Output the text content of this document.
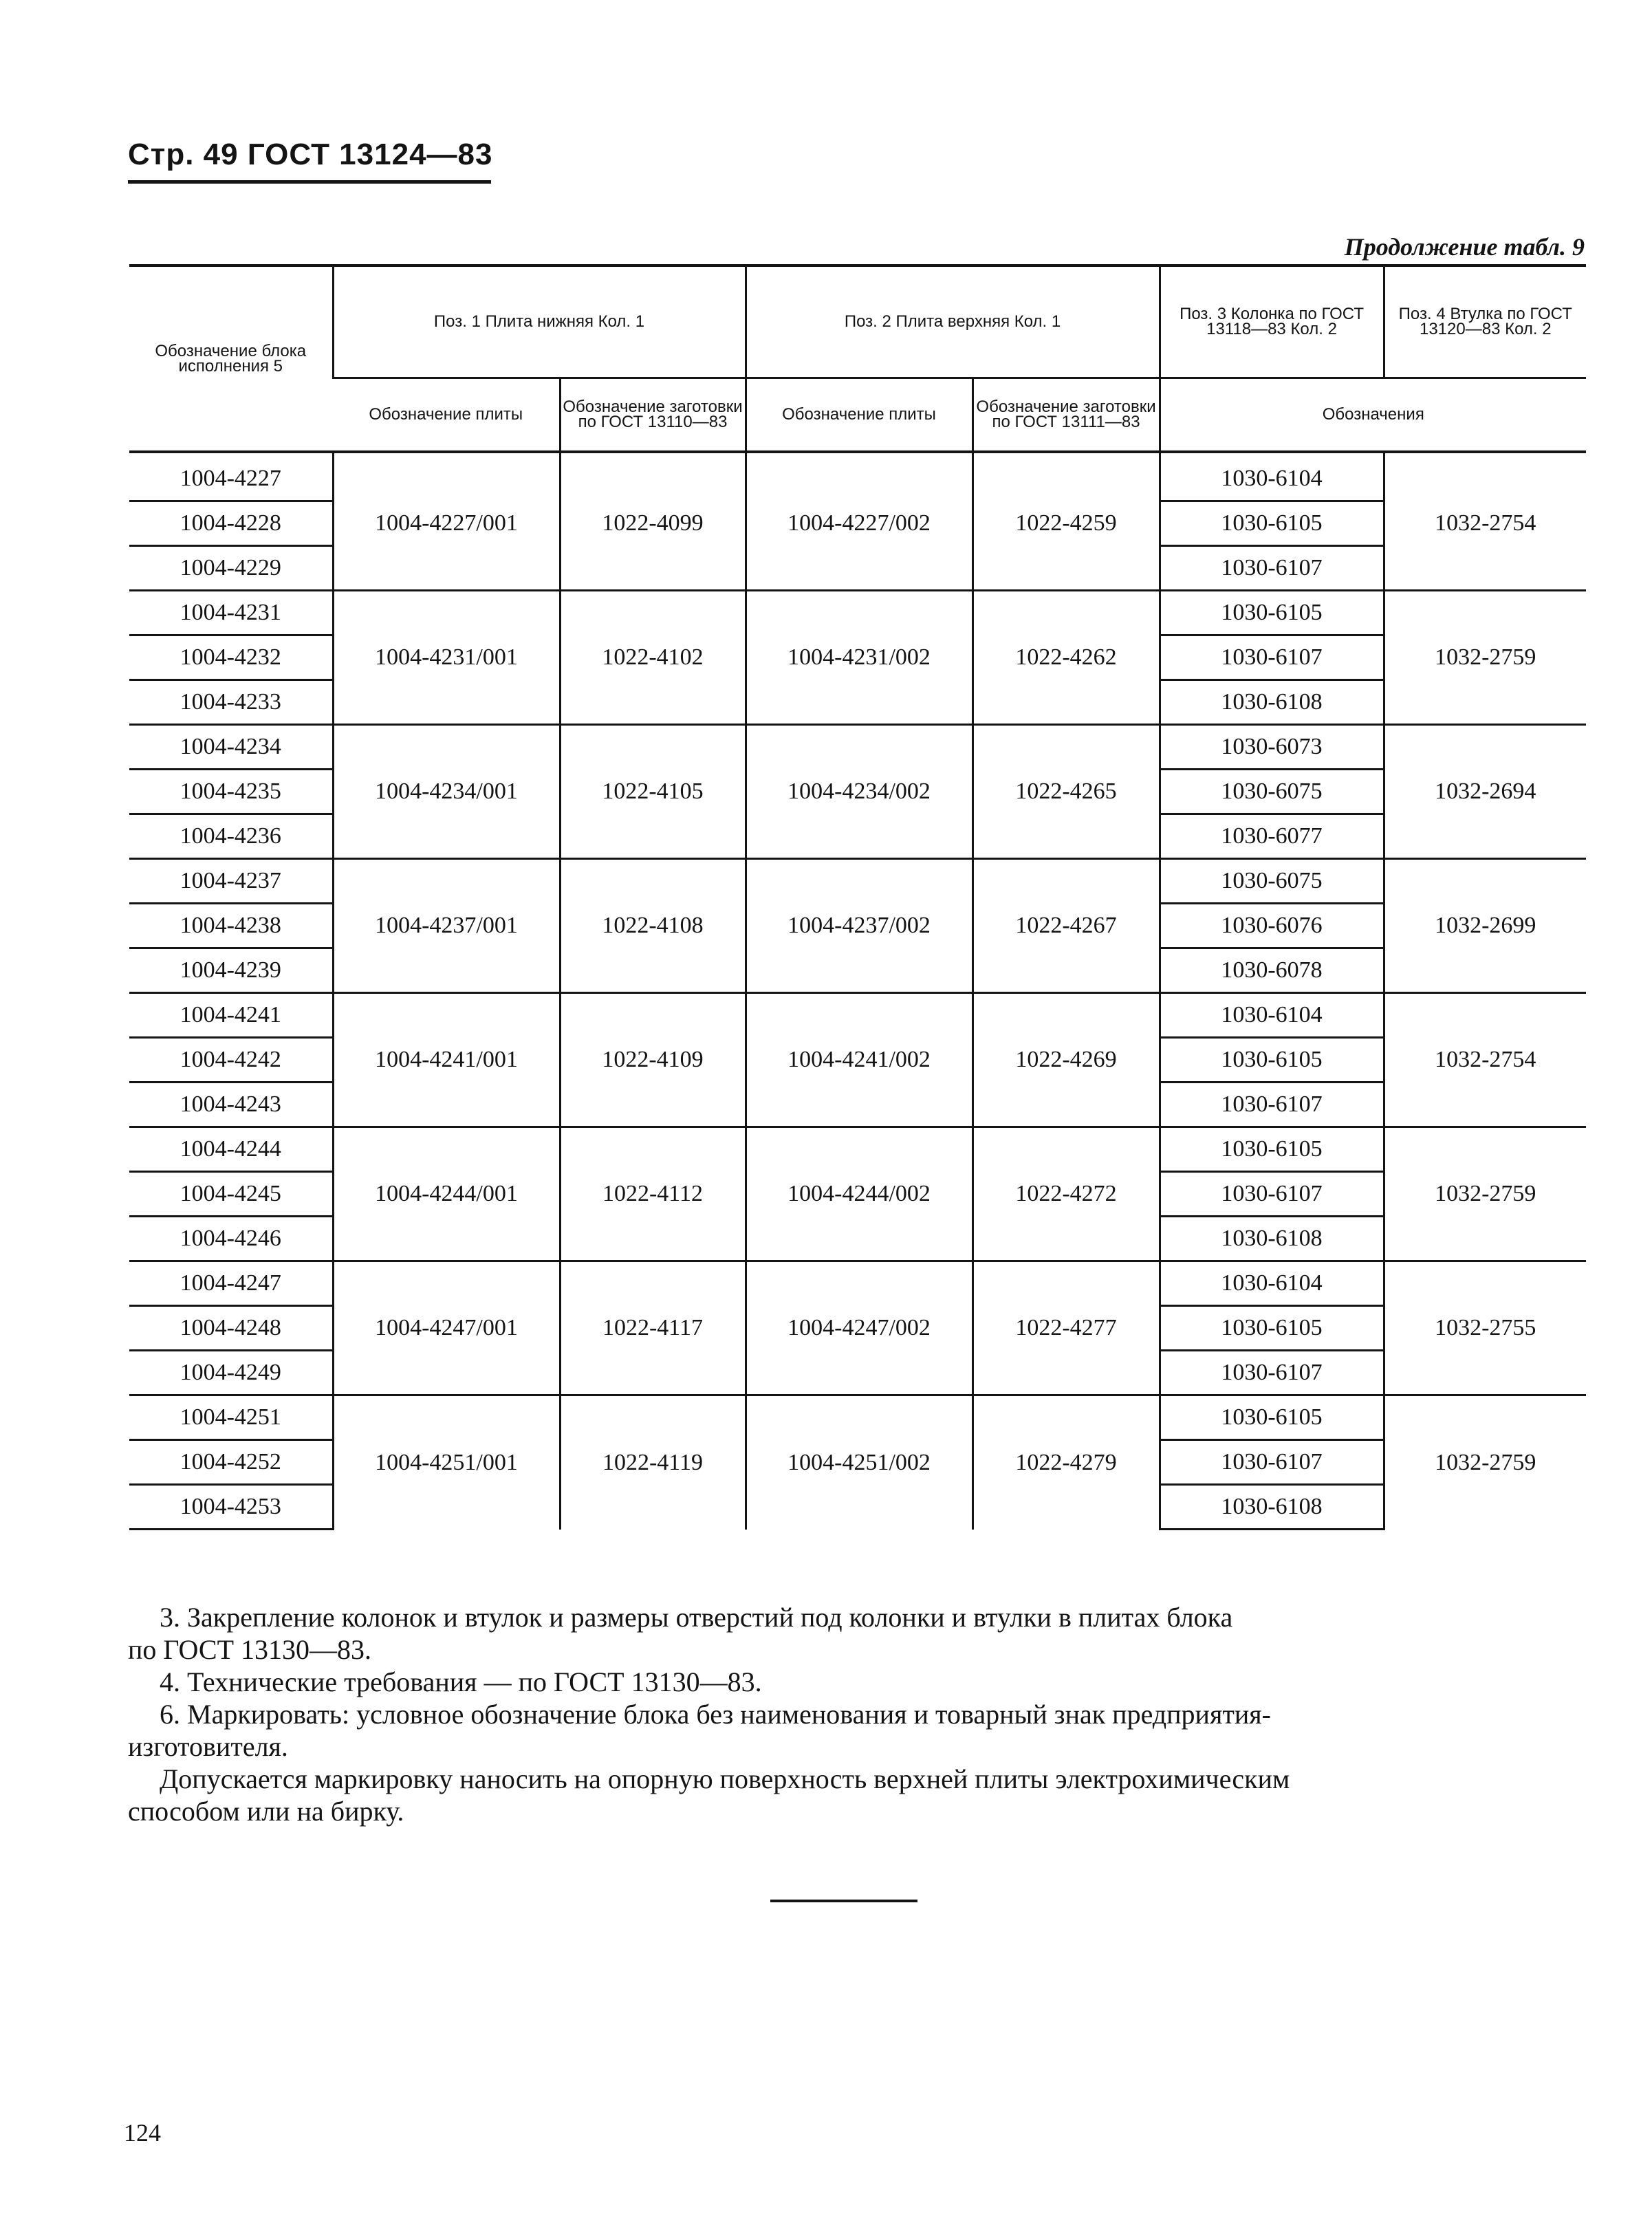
Стр. 49 ГОСТ 13124—83
Продолжение табл. 9
Обозначение блока исполнения 5	Поз. 1 Плита нижняя Кол. 1		Поз. 2 Плита верхняя Кол. 1		Поз. 3 Колонка по ГОСТ 13118—83 Кол. 2	Поз. 4 Втулка по ГОСТ 13120—83 Кол. 2
	Обозначение плиты	Обозначение заготовки по ГОСТ 13110—83	Обозначение плиты	Обозначение заготовки по ГОСТ 13111—83	Обозначения	
1004-4227	1004-4227/001	1022-4099	1004-4227/002	1022-4259	1030-6104	1032-2754
1004-4228					1030-6105	
1004-4229					1030-6107	
1004-4231	1004-4231/001	1022-4102	1004-4231/002	1022-4262	1030-6105	1032-2759
1004-4232					1030-6107	
1004-4233					1030-6108	
1004-4234	1004-4234/001	1022-4105	1004-4234/002	1022-4265	1030-6073	1032-2694
1004-4235					1030-6075	
1004-4236					1030-6077	
1004-4237	1004-4237/001	1022-4108	1004-4237/002	1022-4267	1030-6075	1032-2699
1004-4238					1030-6076	
1004-4239					1030-6078	
1004-4241	1004-4241/001	1022-4109	1004-4241/002	1022-4269	1030-6104	1032-2754
1004-4242					1030-6105	
1004-4243					1030-6107	
1004-4244	1004-4244/001	1022-4112	1004-4244/002	1022-4272	1030-6105	1032-2759
1004-4245					1030-6107	
1004-4246					1030-6108	
1004-4247	1004-4247/001	1022-4117	1004-4247/002	1022-4277	1030-6104	1032-2755
1004-4248					1030-6105	
1004-4249					1030-6107	
1004-4251	1004-4251/001	1022-4119	1004-4251/002	1022-4279	1030-6105	1032-2759
1004-4252					1030-6107	
1004-4253					1030-6108	

3. Закрепление колонок и втулок и размеры отверстий под колонки и втулки в плитах блока

по ГОСТ 13130—83.

4. Технические требования — по ГОСТ 13130—83.

6. Маркировать: условное обозначение блока без наименования и товарный знак предприятия-

изготовителя.

Допускается маркировку наносить на опорную поверхность верхней плиты электрохимическим

способом или на бирку.

124
